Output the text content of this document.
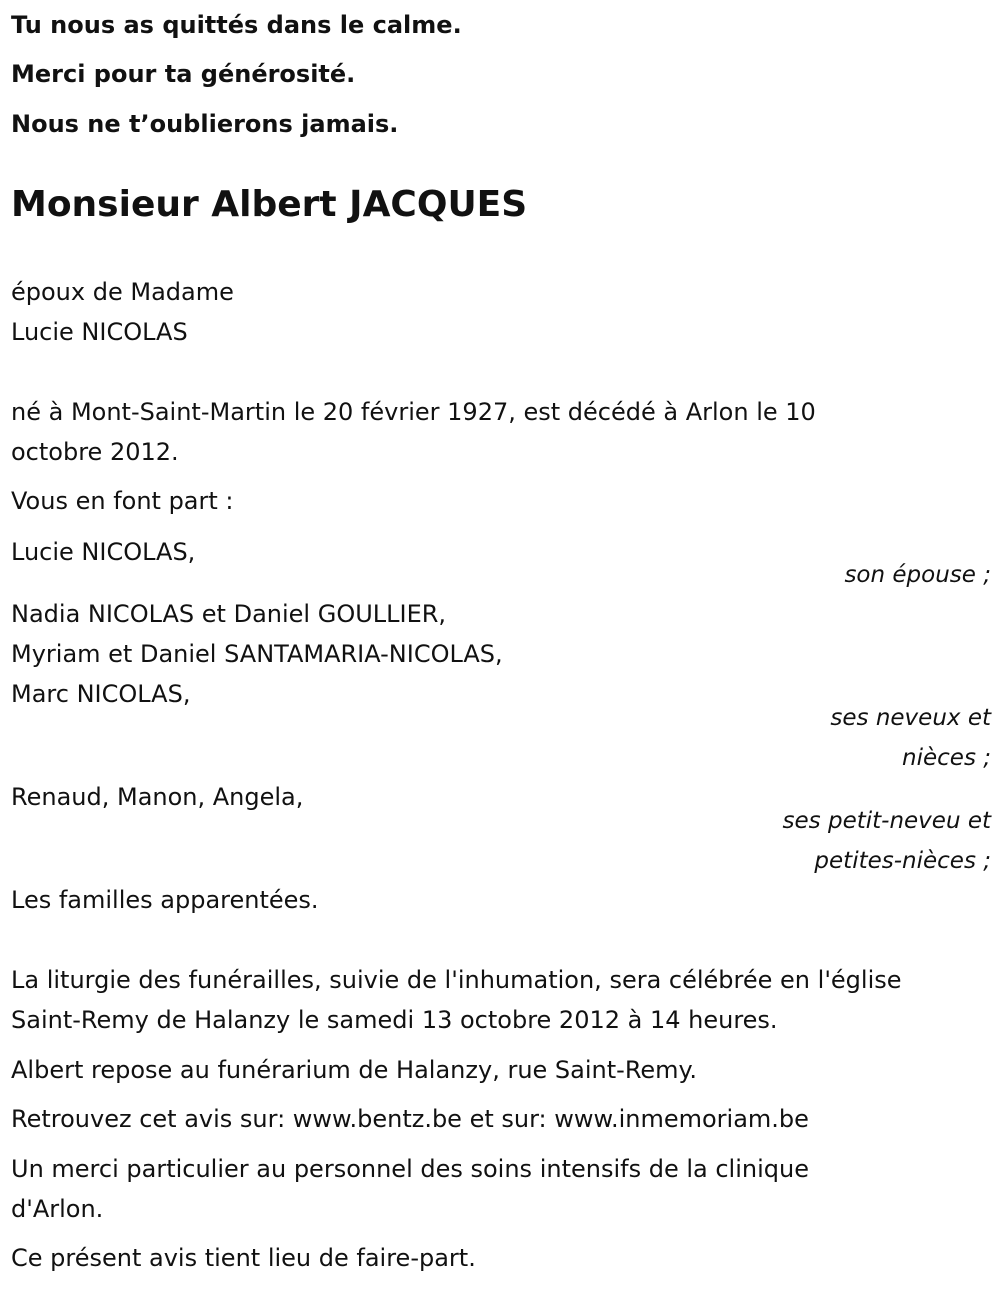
Tu nous as quittés dans le calme.
Merci pour ta générosité.
Nous ne t’oublierons jamais.
Monsieur Albert JACQUES
époux de Madame
Lucie NICOLAS
né à Mont-Saint-Martin le 20 février 1927, est décédé à Arlon le 10
octobre 2012.
Vous en font part :
Lucie NICOLAS,
son épouse ;
Nadia NICOLAS et Daniel GOULLIER,
Myriam et Daniel SANTAMARIA-NICOLAS,
Marc NICOLAS,
ses neveux et
nièces ;
Renaud, Manon, Angela,
ses petit-neveu et
petites-nièces ;
Les familles apparentées.
La liturgie des funérailles, suivie de l'inhumation, sera célébrée en l'église
Saint-Remy de Halanzy le samedi 13 octobre 2012 à 14 heures.
Albert repose au funérarium de Halanzy, rue Saint-Remy.
Retrouvez cet avis sur: www.bentz.be et sur: www.inmemoriam.be
Un merci particulier au personnel des soins intensifs de la clinique
d'Arlon.
Ce présent avis tient lieu de faire-part.
